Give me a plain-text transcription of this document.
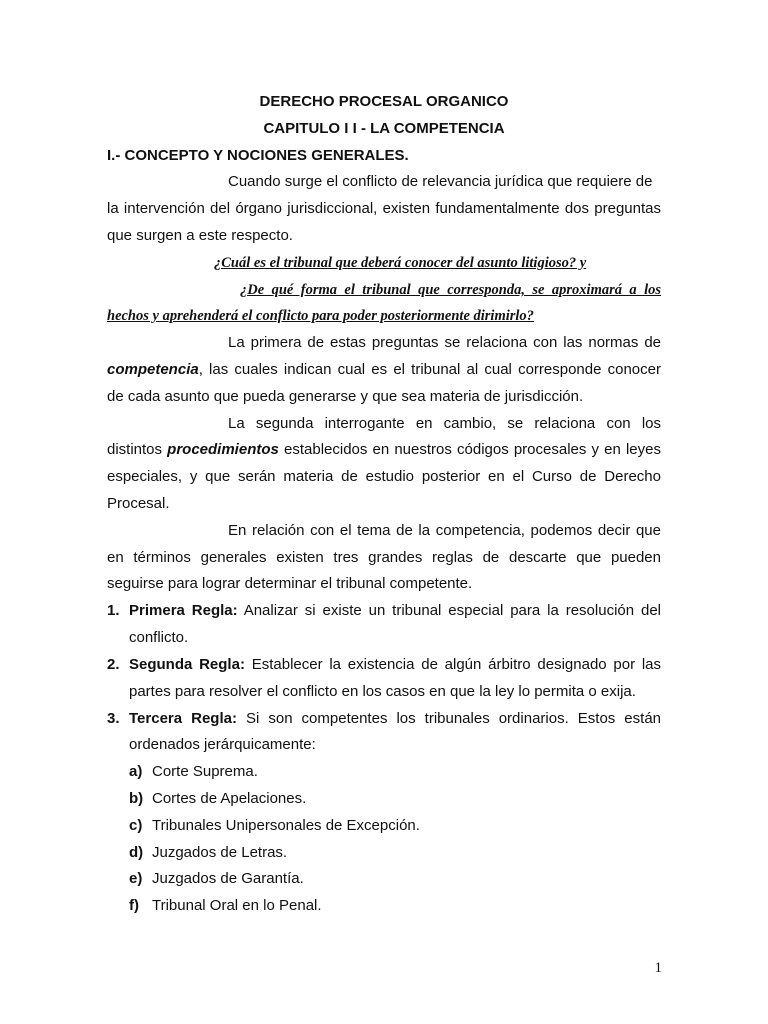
DERECHO PROCESAL ORGANICO
CAPITULO I I - LA COMPETENCIA
I.- CONCEPTO Y NOCIONES GENERALES.
Cuando surge el conflicto de relevancia jurídica que requiere de
la intervención del órgano jurisdiccional, existen fundamentalmente dos preguntas
que surgen a este respecto.
¿Cuál es el tribunal que deberá conocer del asunto litigioso? y
¿De qué forma el tribunal que corresponda, se aproximará a los
hechos y aprehenderá el conflicto para poder posteriormente dirimirlo?
La primera de estas preguntas se relaciona con las normas de
competencia, las cuales indican cual es el tribunal al cual corresponde conocer
de cada asunto que pueda generarse y que sea materia de jurisdicción.
La segunda interrogante en cambio, se relaciona con los
distintos procedimientos establecidos en nuestros códigos procesales y en leyes
especiales, y que serán materia de estudio posterior en el Curso de Derecho
Procesal.
En relación con el tema de la competencia, podemos decir que
en términos generales existen tres grandes reglas de descarte que pueden
seguirse para lograr determinar el tribunal competente.
1. Primera Regla: Analizar si existe un tribunal especial para la resolución del
conflicto.
2. Segunda Regla: Establecer la existencia de algún árbitro designado por las
partes para resolver el conflicto en los casos en que la ley lo permita o exija.
3. Tercera Regla: Si son competentes los tribunales ordinarios. Estos están
ordenados jerárquicamente:
a) Corte Suprema.
b) Cortes de Apelaciones.
c) Tribunales Unipersonales de Excepción.
d) Juzgados de Letras.
e) Juzgados de Garantía.
f) Tribunal Oral en lo Penal.
1
